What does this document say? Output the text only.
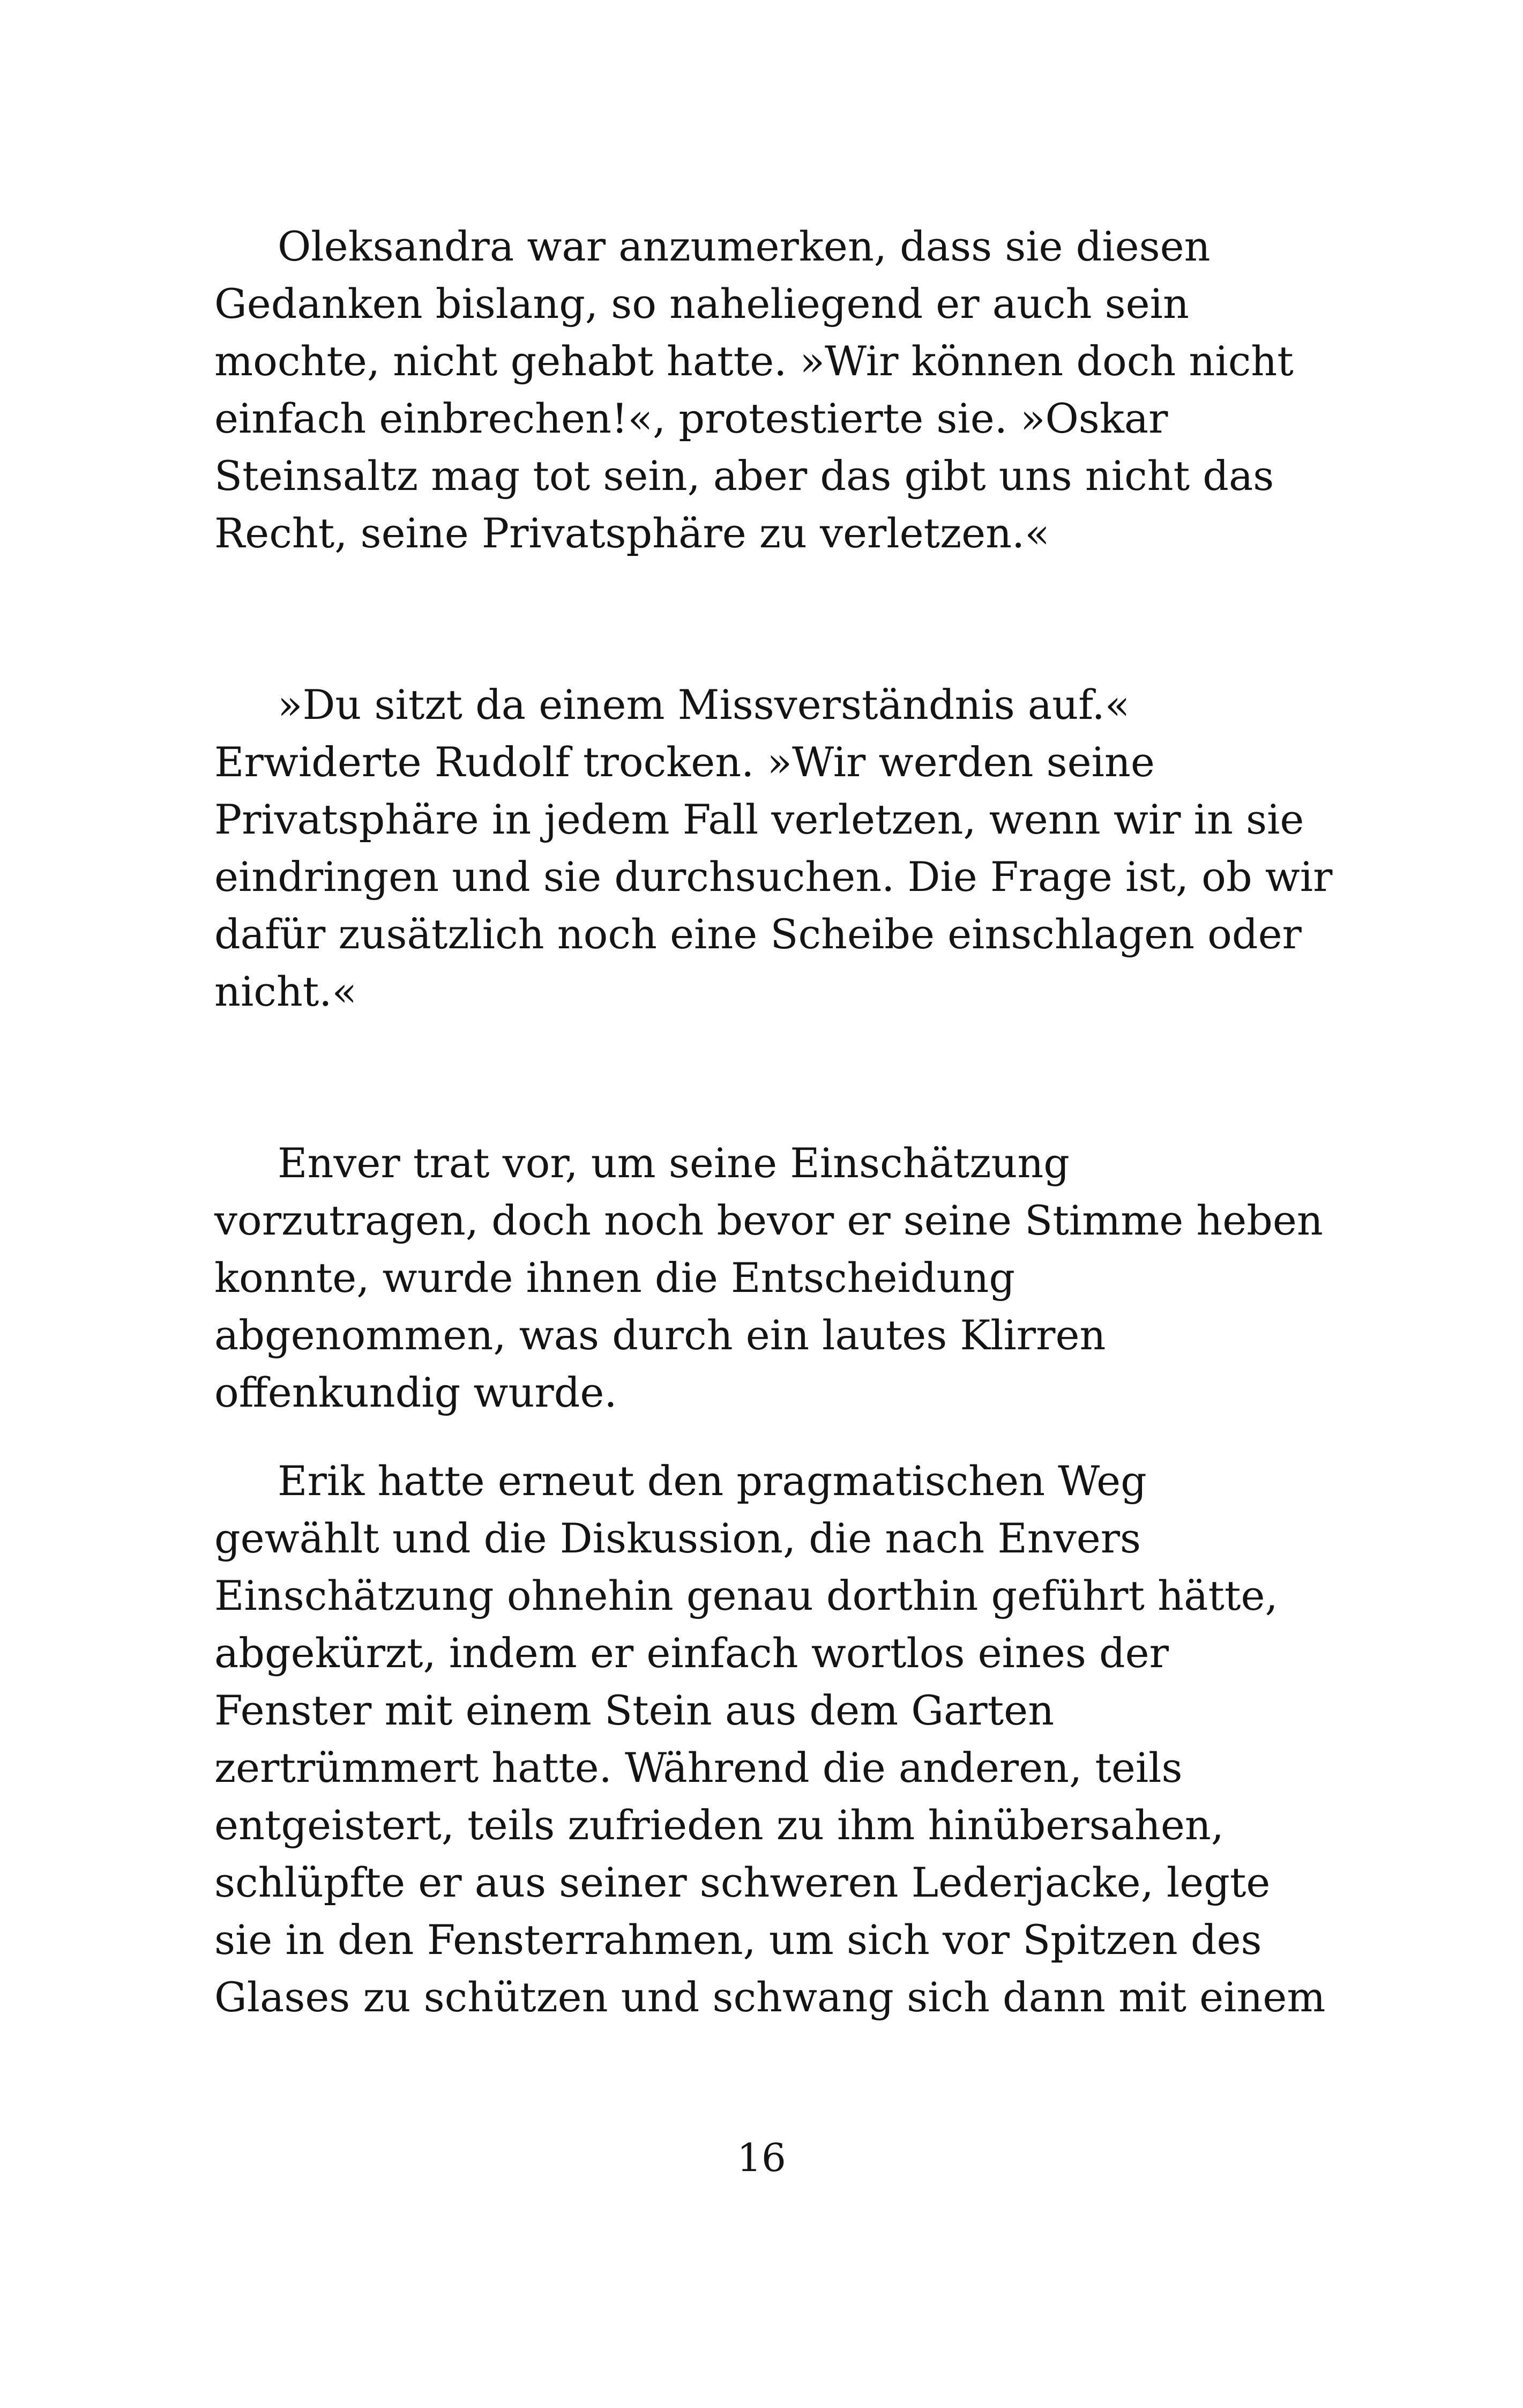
Oleksandra war anzumerken, dass sie diesen
Gedanken bislang, so naheliegend er auch sein
mochte, nicht gehabt hatte. »Wir können doch nicht
einfach einbrechen!«, protestierte sie. »Oskar
Steinsaltz mag tot sein, aber das gibt uns nicht das
Recht, seine Privatsphäre zu verletzen.«
»Du sitzt da einem Missverständnis auf.«
Erwiderte Rudolf trocken. »Wir werden seine
Privatsphäre in jedem Fall verletzen, wenn wir in sie
eindringen und sie durchsuchen. Die Frage ist, ob wir
dafür zusätzlich noch eine Scheibe einschlagen oder
nicht.«
Enver trat vor, um seine Einschätzung
vorzutragen, doch noch bevor er seine Stimme heben
konnte, wurde ihnen die Entscheidung
abgenommen, was durch ein lautes Klirren
offenkundig wurde.
Erik hatte erneut den pragmatischen Weg
gewählt und die Diskussion, die nach Envers
Einschätzung ohnehin genau dorthin geführt hätte,
abgekürzt, indem er einfach wortlos eines der
Fenster mit einem Stein aus dem Garten
zertrümmert hatte. Während die anderen, teils
entgeistert, teils zufrieden zu ihm hinübersahen,
schlüpfte er aus seiner schweren Lederjacke, legte
sie in den Fensterrahmen, um sich vor Spitzen des
Glases zu schützen und schwang sich dann mit einem
16
